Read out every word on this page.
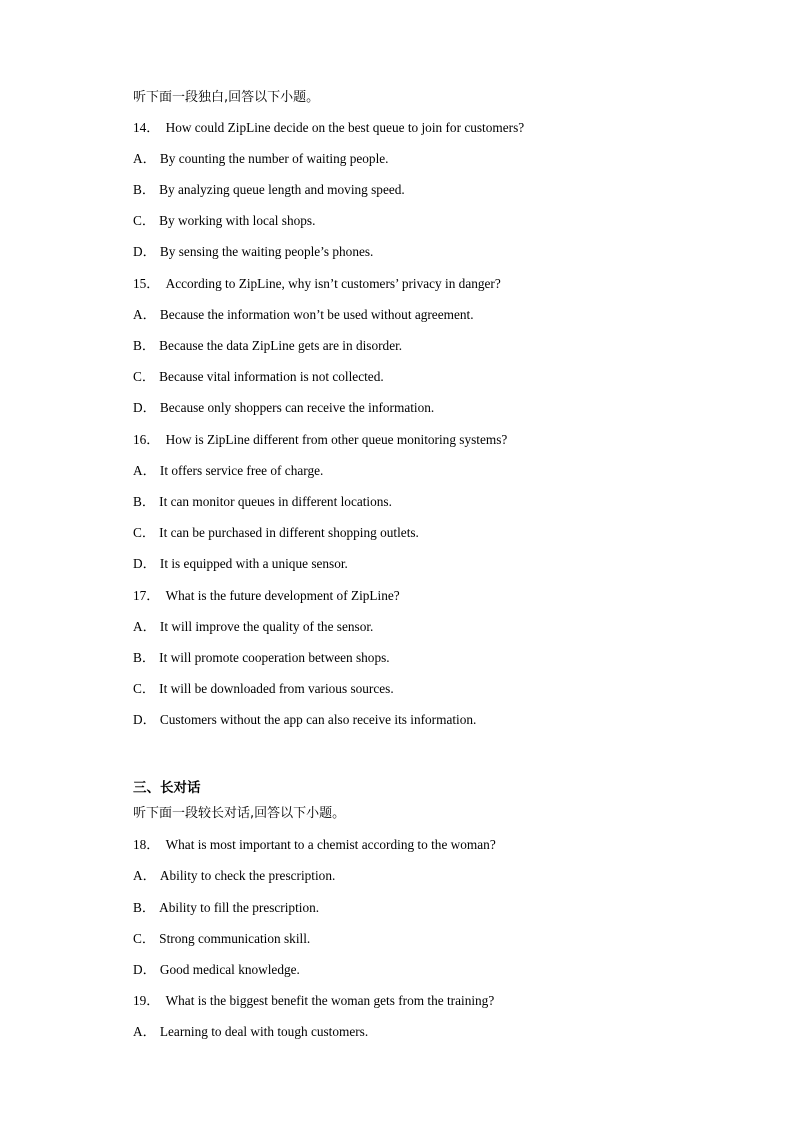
听下面一段独白,回答以下小题。
14． How could ZipLine decide on the best queue to join for customers?
A． By counting the number of waiting people.
B． By analyzing queue length and moving speed.
C． By working with local shops.
D． By sensing the waiting people’s phones.
15． According to ZipLine, why isn’t customers’ privacy in danger?
A． Because the information won’t be used without agreement.
B． Because the data ZipLine gets are in disorder.
C． Because vital information is not collected.
D． Because only shoppers can receive the information.
16． How is ZipLine different from other queue monitoring systems?
A． It offers service free of charge.
B． It can monitor queues in different locations.
C． It can be purchased in different shopping outlets.
D． It is equipped with a unique sensor.
17． What is the future development of ZipLine?
A． It will improve the quality of the sensor.
B． It will promote cooperation between shops.
C． It will be downloaded from various sources.
D． Customers without the app can also receive its information.
三、长对话
听下面一段较长对话,回答以下小题。
18． What is most important to a chemist according to the woman?
A． Ability to check the prescription.
B． Ability to fill the prescription.
C． Strong communication skill.
D． Good medical knowledge.
19． What is the biggest benefit the woman gets from the training?
A． Learning to deal with tough customers.
